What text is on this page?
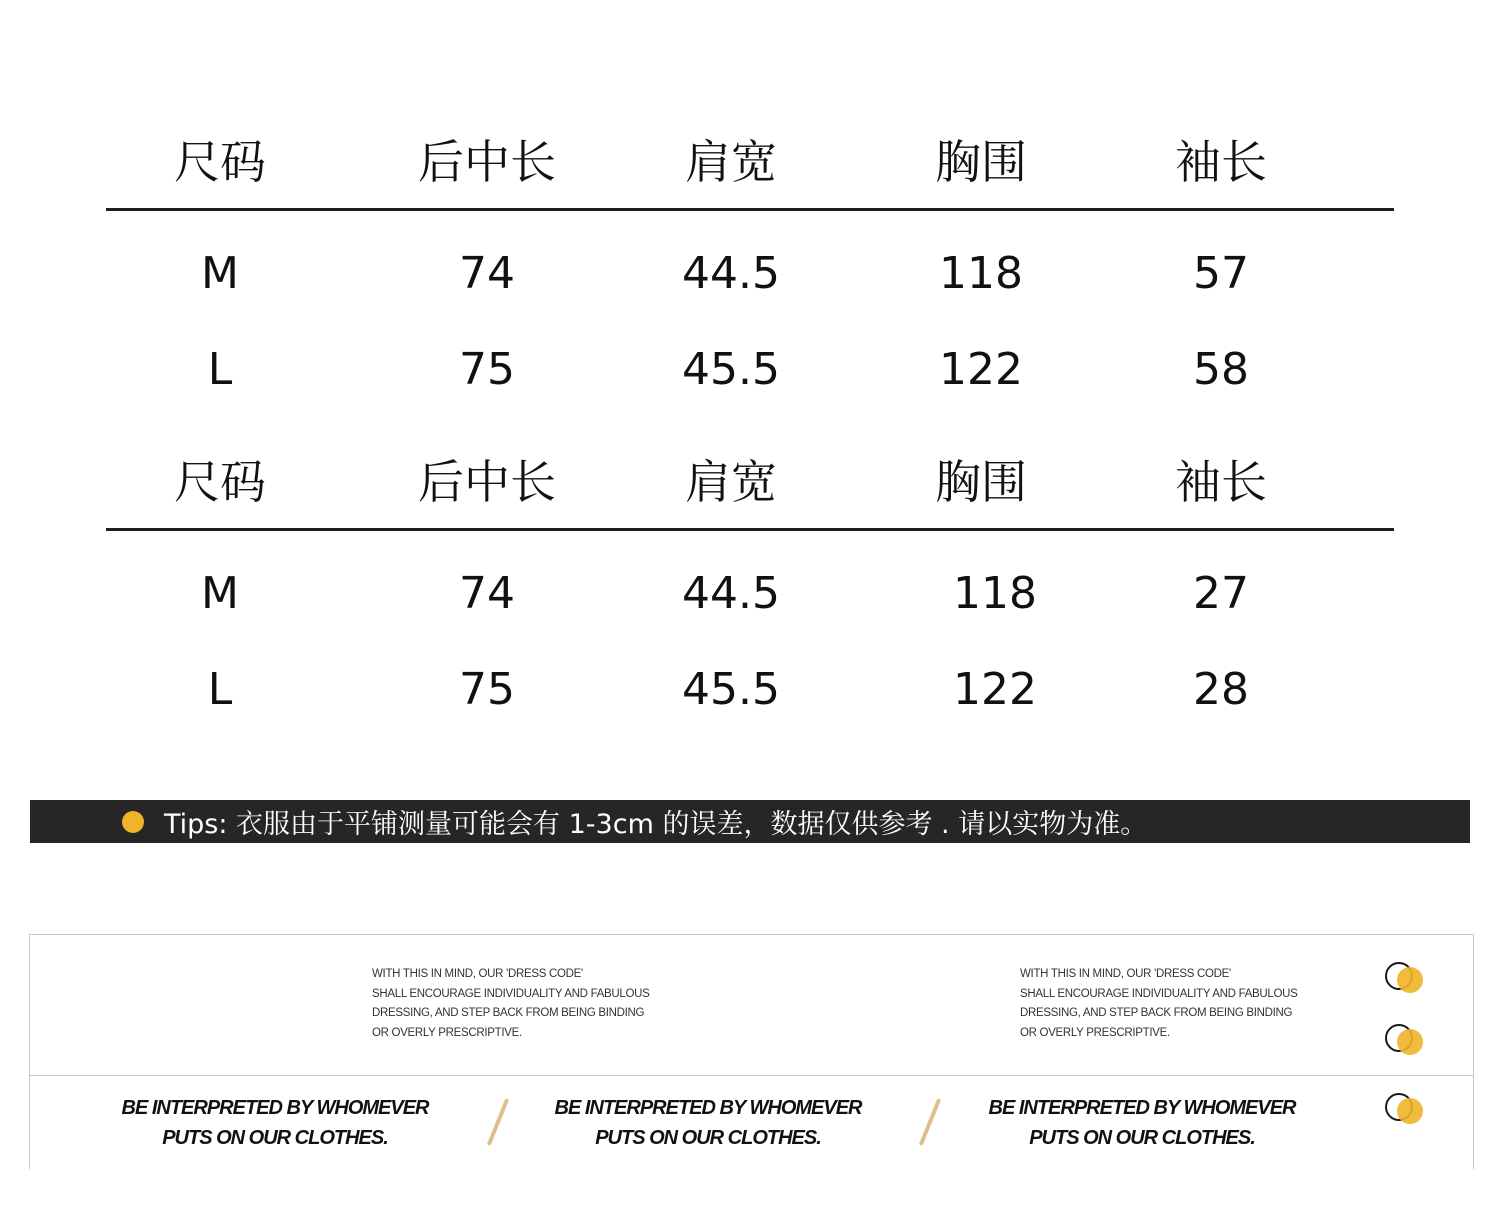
尺码	后中长	肩宽	胸围	袖长
M	74	44.5	118	57
L	75	45.5	122	58
尺码	后中长	肩宽	胸围	袖长
M	74	44.5	118	27
L	75	45.5	122	28
Tips: 衣服由于平铺测量可能会有 1-3cm 的误差，数据仅供参考 . 请以实物为准。
WITH THIS IN MIND, OUR 'DRESS CODE'
SHALL ENCOURAGE INDIVIDUALITY AND FABULOUS
DRESSING, AND STEP BACK FROM BEING BINDING
OR OVERLY PRESCRIPTIVE.
WITH THIS IN MIND, OUR 'DRESS CODE'
SHALL ENCOURAGE INDIVIDUALITY AND FABULOUS
DRESSING, AND STEP BACK FROM BEING BINDING
OR OVERLY PRESCRIPTIVE.
BE INTERPRETED BY WHOMEVER
PUTS ON OUR CLOTHES.
BE INTERPRETED BY WHOMEVER
PUTS ON OUR CLOTHES.
BE INTERPRETED BY WHOMEVER
PUTS ON OUR CLOTHES.
